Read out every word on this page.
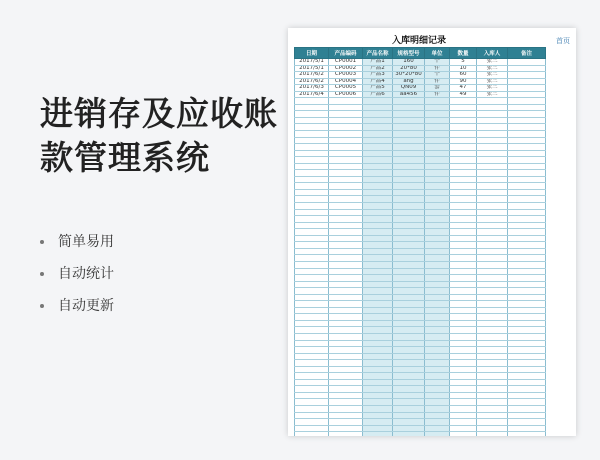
进销存及应收账
款管理系统
简单易用
自动统计
自动更新
入库明细记录	首页
日期	产品编码	产品名称	规格型号	单位	数量	入库人	备注
2017/5/1	CP0001	产品1	160	个	5	张三	
2017/5/1	CP0002	产品2	20*80	件	10	张三	
2017/6/2	CP0003	产品3	30*20*80	个	60	张三	
2017/6/2	CP0004	产品4	ang	件	90	张三	
2017/6/3	CP0005	产品5	QN09	套	47	张三	
2017/6/4	CP0006	产品6	aa456	件	49	张三	
